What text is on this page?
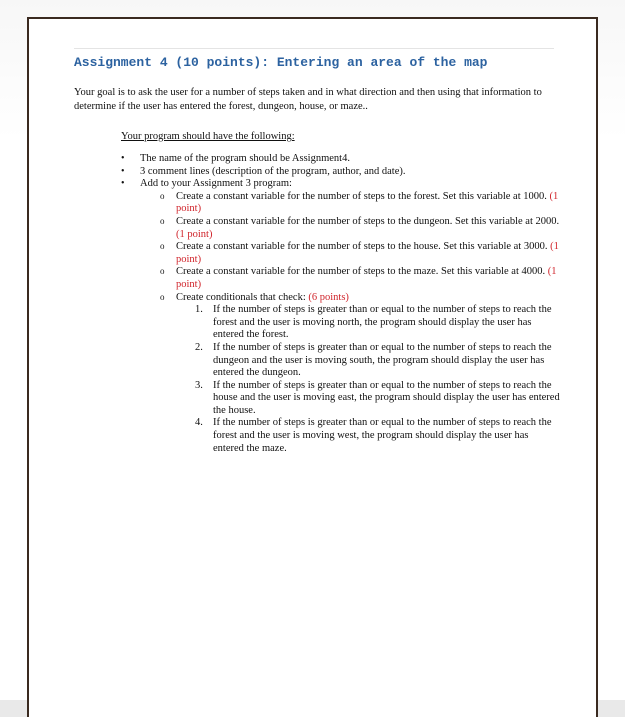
Assignment 4 (10 points): Entering an area of the map
Your goal is to ask the user for a number of steps taken and in what direction and then using that information to determine if the user has entered the forest, dungeon, house, or maze..
Your program should have the following:
• The name of the program should be Assignment4.
• 3 comment lines (description of the program, author, and date).
• Add to your Assignment 3 program:
o Create a constant variable for the number of steps to the forest. Set this variable at 1000. (1 point)
o Create a constant variable for the number of steps to the dungeon. Set this variable at 2000. (1 point)
o Create a constant variable for the number of steps to the house. Set this variable at 3000. (1 point)
o Create a constant variable for the number of steps to the maze. Set this variable at 4000. (1 point)
o Create conditionals that check: (6 points)
1. If the number of steps is greater than or equal to the number of steps to reach the forest and the user is moving north, the program should display the user has entered the forest.
2. If the number of steps is greater than or equal to the number of steps to reach the dungeon and the user is moving south, the program should display the user has entered the dungeon.
3. If the number of steps is greater than or equal to the number of steps to reach the house and the user is moving east, the program should display the user has entered the house.
4. If the number of steps is greater than or equal to the number of steps to reach the forest and the user is moving west, the program should display the user has entered the maze.
